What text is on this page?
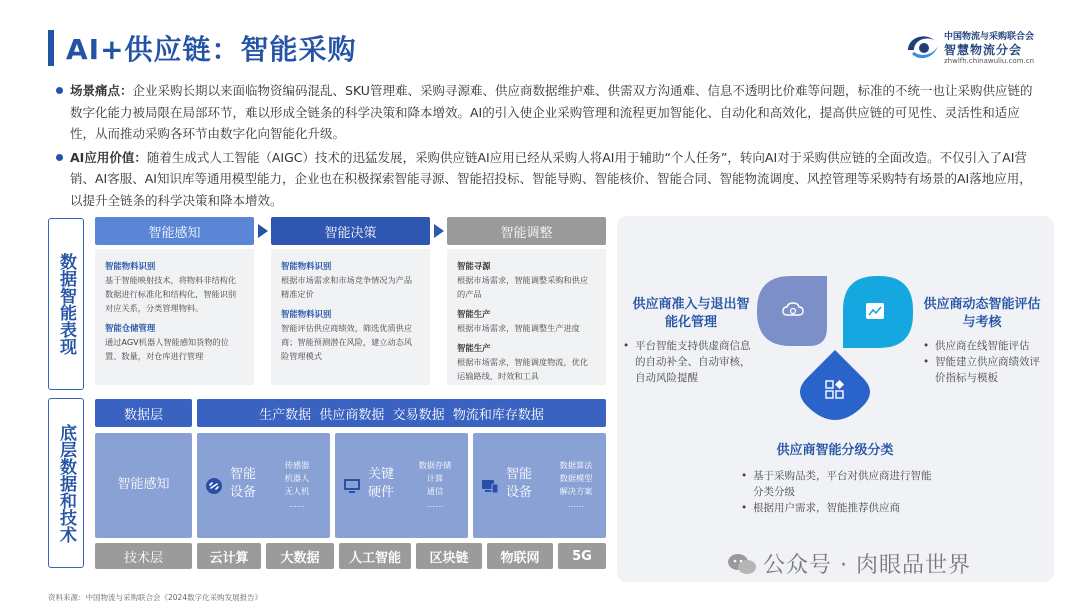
AI+供应链：智能采购	中国物流与采购联合会
智慧物流分会
zhwlfh.chinawuliu.com.cn
场景痛点：企业采购长期以来面临物资编码混乱、SKU管理难、采购寻源难、供应商数据维护难、供需双方沟通难、信息不透明比价难等问题，标准的不统一也让采购供应链的数字化能力被局限在局部环节，难以形成全链条的科学决策和降本增效。AI的引入使企业采购管理和流程更加智能化、自动化和高效化，提高供应链的可见性、灵活性和适应性，从而推动采购各环节由数字化向智能化升级。
AI应用价值：随着生成式人工智能（AIGC）技术的迅猛发展，采购供应链AI应用已经从采购人将AI用于辅助“个人任务”，转向AI对于采购供应链的全面改造。不仅引入了AI营销、AI客服、AI知识库等通用模型能力，企业也在积极探索智能寻源、智能招投标、智能导购、智能核价、智能合同、智能物流调度、风控管理等采购特有场景的AI落地应用，以提升全链条的科学决策和降本增效。
数据智能表现
底层数据和技术
智能感知
智能物料识别
基于智能映射技术，将物料非结构化数据进行标准化和结构化，智能识别对应关系，分类管理物料。
智能仓储管理
通过AGV机器人智能感知货物的位置、数量，对仓库进行管理
智能决策
智能物料识别
根据市场需求和市场竞争情况为产品精准定价
智能物料识别
智能评估供应商绩效，筛选优质供应商；智能预测潜在风险，建立动态风险管理模式
智能调整
智能寻源
根据市场需求，智能调整采购和供应的产品
智能生产
根据市场需求，智能调整生产进度
智能生产
根据市场需求，智能调度物流，优化运输路线、时效和工具
数据层	生产数据  供应商数据  交易数据  物流和库存数据
智能感知
智能设备
传感器
机器人
无人机
……
关键硬件
数据存储
计算
通信
……
智能设备
数据算法
数据模型
解决方案
……
技术层	云计算	大数据	人工智能	区块链	物联网	5G
供应商准入与退出智能化管理
• 平台智能支持供虚商信息的自动补全、自动审核，自动风险提醒
供应商动态智能评估与考核
• 供应商在线智能评估
• 智能建立供应商绩效评价指标与模板
供应商智能分级分类
• 基于采购品类，平台对供应商进行智能分类分级
• 根据用户需求，智能推荐供应商
公众号 · 肉眼品世界
资料来源：中国物流与采购联合会《2024数字化采购发展报告》
